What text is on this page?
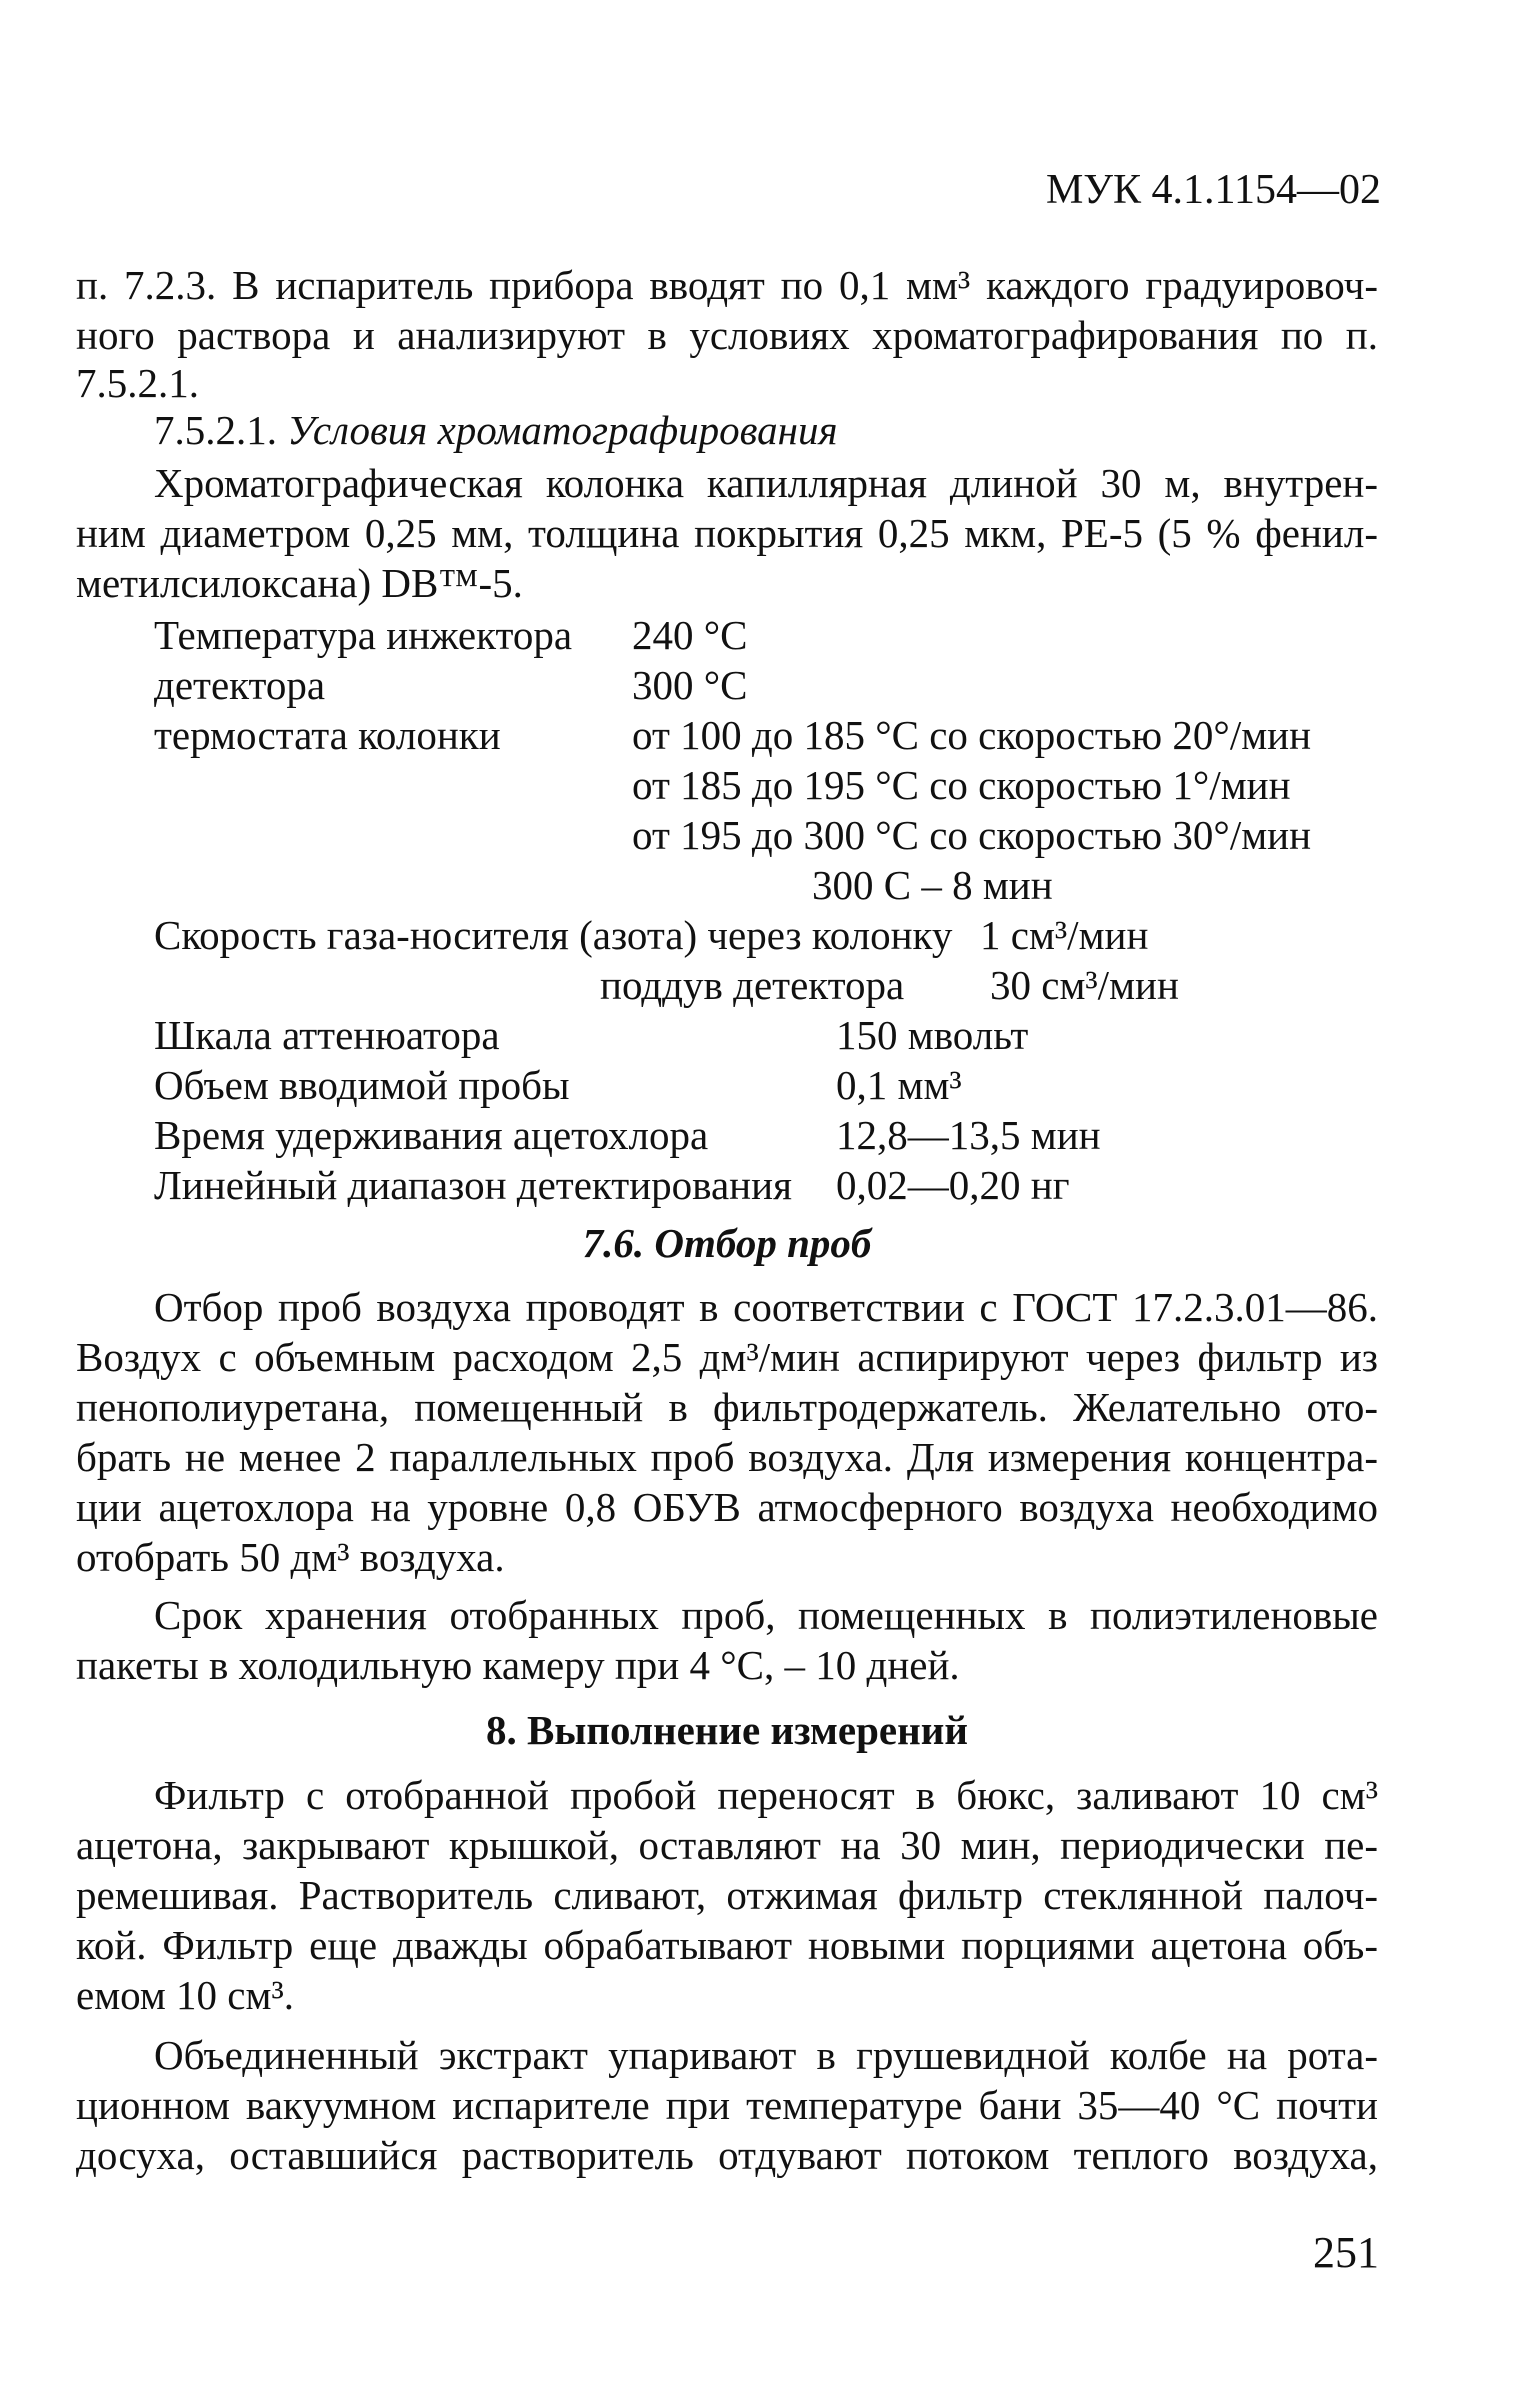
МУК 4.1.1154—02
п. 7.2.3. В испаритель прибора вводят по 0,1 мм³ каждого градуировоч-
ного раствора и анализируют в условиях хроматографирования по п.
7.5.2.1.
7.5.2.1. Условия хроматографирования
Хроматографическая колонка капиллярная длиной 30 м, внутрен-
ним диаметром 0,25 мм, толщина покрытия 0,25 мкм, PE-5 (5 % фенил-
метилсилоксана) DB™-5.
Температура инжектора 240 °С
детектора	300 °С
термостата колонки	от 100 до 185 °С со скоростью 20°/мин
от 185 до 195 °С со скоростью 1°/мин
от 195 до 300 °С со скоростью 30°/мин
300 С – 8 мин
Скорость газа-носителя (азота) через колонку 1 см³/мин
поддув детектора 30 см³/мин
Шкала аттенюатора	150 мвольт
Объем вводимой пробы	0,1 мм³
Время удерживания ацетохлора	12,8—13,5 мин
Линейный диапазон детектирования 0,02—0,20 нг
7.6. Отбор проб
Отбор проб воздуха проводят в соответствии с ГОСТ 17.2.3.01—86.
Воздух с объемным расходом 2,5 дм³/мин аспирируют через фильтр из
пенополиуретана, помещенный в фильтродержатель. Желательно ото-
брать не менее 2 параллельных проб воздуха. Для измерения концентра-
ции ацетохлора на уровне 0,8 ОБУВ атмосферного воздуха необходимо
отобрать 50 дм³ воздуха.
Срок хранения отобранных проб, помещенных в полиэтиленовые
пакеты в холодильную камеру при 4 °С, – 10 дней.
8. Выполнение измерений
Фильтр с отобранной пробой переносят в бюкс, заливают 10 см³
ацетона, закрывают крышкой, оставляют на 30 мин, периодически пе-
ремешивая. Растворитель сливают, отжимая фильтр стеклянной палоч-
кой. Фильтр еще дважды обрабатывают новыми порциями ацетона объ-
емом 10 см³.
Объединенный экстракт упаривают в грушевидной колбе на рота-
ционном вакуумном испарителе при температуре бани 35—40 °С почти
досуха, оставшийся растворитель отдувают потоком теплого воздуха,
251
